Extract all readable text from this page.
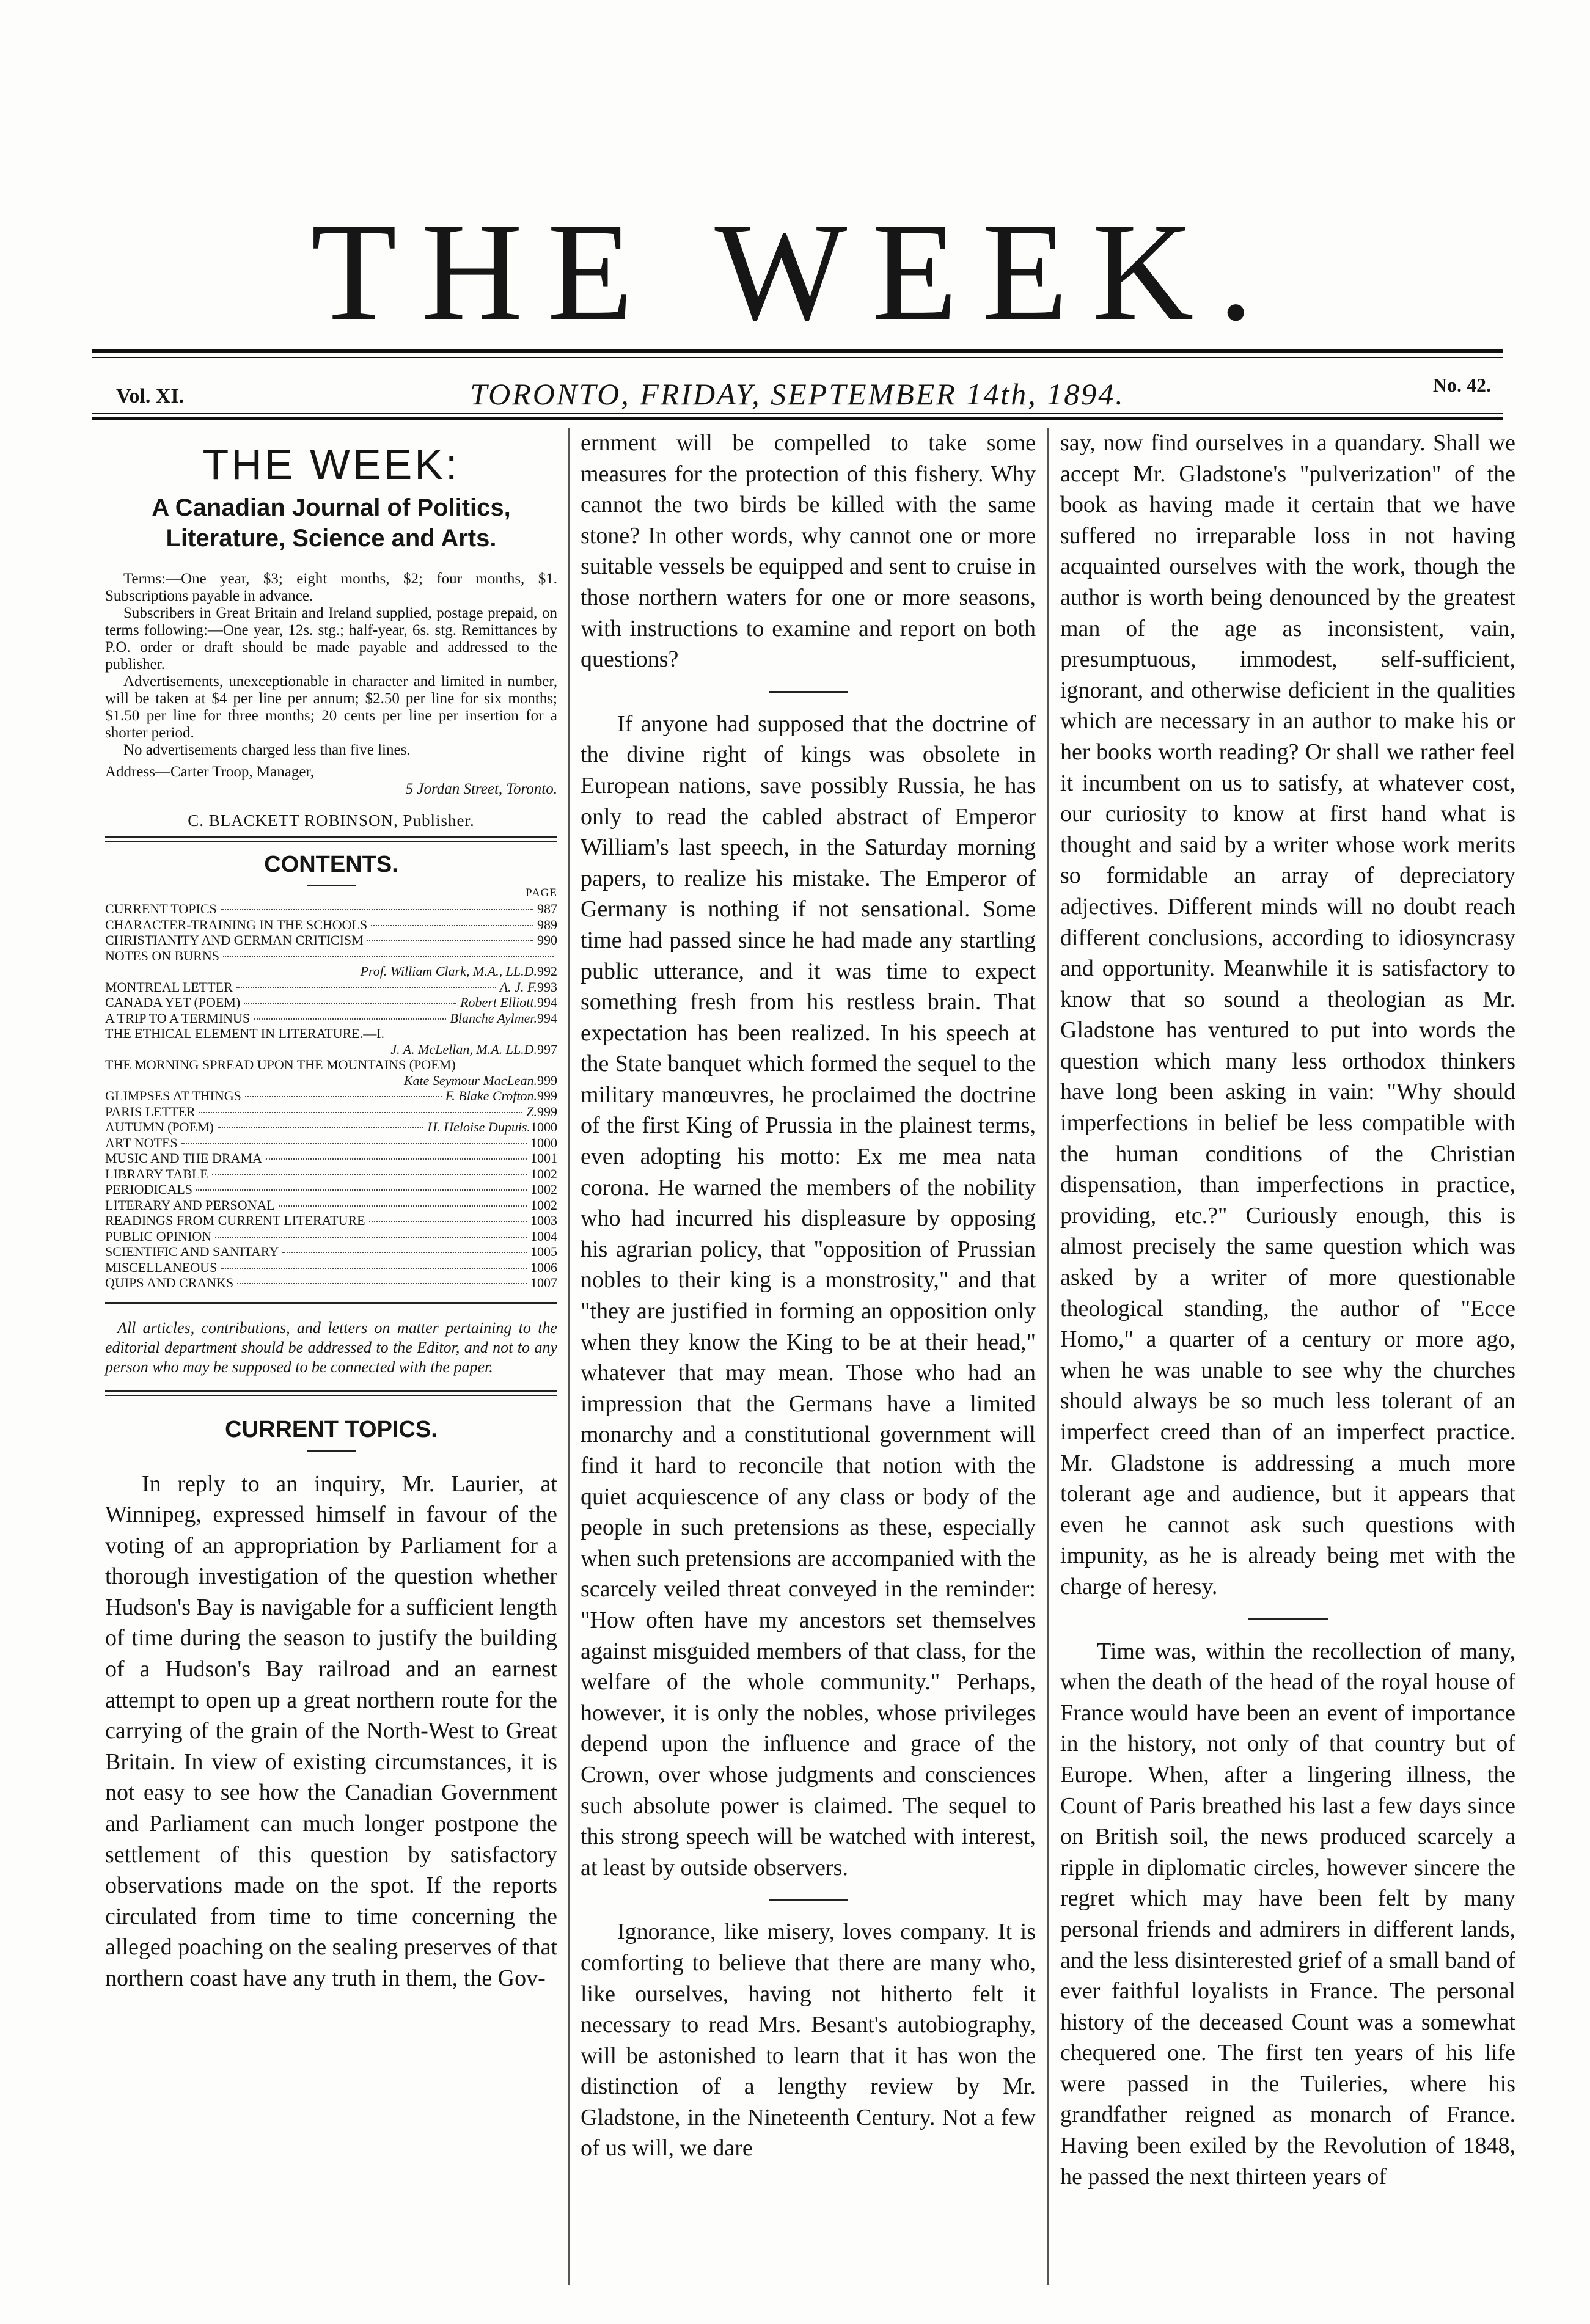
THE WEEK.
Vol. XI.	TORONTO, FRIDAY, SEPTEMBER 14th, 1894.	No. 42.
THE WEEK:
A Canadian Journal of Politics,
Literature, Science and Arts.

Terms:—One year, $3; eight months, $2; four months, $1. Subscriptions payable in advance.

Subscribers in Great Britain and Ireland supplied, postage prepaid, on terms following:—One year, 12s. stg.; half-year, 6s. stg. Remittances by P.O. order or draft should be made payable and addressed to the publisher.

Advertisements, unexceptionable in character and limited in number, will be taken at $4 per line per annum; $2.50 per line for six months; $1.50 per line for three months; 20 cents per line per insertion for a shorter period.

No advertisements charged less than five lines.

Address—Carter Troop, Manager,
5 Jordan Street, Toronto.
C. BLACKETT ROBINSON, Publisher.
CONTENTS.
PAGE
CURRENT TOPICS	987
CHARACTER-TRAINING IN THE SCHOOLS	989
CHRISTIANITY AND GERMAN CRITICISM	990
NOTES ON BURNS
Prof. William Clark, M.A., LL.D. 992
MONTREAL LETTER	A. J. F. 993
CANADA YET (POEM)	Robert Elliott. 994
A TRIP TO A TERMINUS	Blanche Aylmer. 994
THE ETHICAL ELEMENT IN LITERATURE.—I.
J. A. McLellan, M.A. LL.D. 997
THE MORNING SPREAD UPON THE MOUNTAINS (POEM)
Kate Seymour MacLean. 999
GLIMPSES AT THINGS	F. Blake Crofton. 999
PARIS LETTER	Z. 999
AUTUMN (POEM)	H. Heloise Dupuis. 1000
ART NOTES	1000
MUSIC AND THE DRAMA	1001
LIBRARY TABLE	1002
PERIODICALS	1002
LITERARY AND PERSONAL	1002
READINGS FROM CURRENT LITERATURE	1003
PUBLIC OPINION	1004
SCIENTIFIC AND SANITARY	1005
MISCELLANEOUS	1006
QUIPS AND CRANKS	1007

All articles, contributions, and letters on matter pertaining to the editorial department should be addressed to the Editor, and not to any person who may be supposed to be connected with the paper.

CURRENT TOPICS.

In reply to an inquiry, Mr. Laurier, at Winnipeg, expressed himself in favour of the voting of an appropriation by Parliament for a thorough investigation of the question whether Hudson's Bay is navigable for a sufficient length of time during the season to justify the building of a Hudson's Bay railroad and an earnest attempt to open up a great northern route for the carrying of the grain of the North-West to Great Britain. In view of existing circumstances, it is not easy to see how the Canadian Government and Parliament can much longer postpone the settlement of this question by satisfactory observations made on the spot. If the reports circulated from time to time concerning the alleged poaching on the sealing preserves of that northern coast have any truth in them, the Gov-

ernment will be compelled to take some measures for the protection of this fishery. Why cannot the two birds be killed with the same stone? In other words, why cannot one or more suitable vessels be equipped and sent to cruise in those northern waters for one or more seasons, with instructions to examine and report on both questions?

If anyone had supposed that the doctrine of the divine right of kings was obsolete in European nations, save possibly Russia, he has only to read the cabled abstract of Emperor William's last speech, in the Saturday morning papers, to realize his mistake. The Emperor of Germany is nothing if not sensational. Some time had passed since he had made any startling public utterance, and it was time to expect something fresh from his restless brain. That expectation has been realized. In his speech at the State banquet which formed the sequel to the military manœuvres, he proclaimed the doctrine of the first King of Prussia in the plainest terms, even adopting his motto: Ex me mea nata corona. He warned the members of the nobility who had incurred his displeasure by opposing his agrarian policy, that "opposition of Prussian nobles to their king is a monstrosity," and that "they are justified in forming an opposition only when they know the King to be at their head," whatever that may mean. Those who had an impression that the Germans have a limited monarchy and a constitutional government will find it hard to reconcile that notion with the quiet acquiescence of any class or body of the people in such pretensions as these, especially when such pretensions are accompanied with the scarcely veiled threat conveyed in the reminder: "How often have my ancestors set themselves against misguided members of that class, for the welfare of the whole community." Perhaps, however, it is only the nobles, whose privileges depend upon the influence and grace of the Crown, over whose judgments and consciences such absolute power is claimed. The sequel to this strong speech will be watched with interest, at least by outside observers.

Ignorance, like misery, loves company. It is comforting to believe that there are many who, like ourselves, having not hitherto felt it necessary to read Mrs. Besant's autobiography, will be astonished to learn that it has won the distinction of a lengthy review by Mr. Gladstone, in the Nineteenth Century. Not a few of us will, we dare

say, now find ourselves in a quandary. Shall we accept Mr. Gladstone's "pulverization" of the book as having made it certain that we have suffered no irreparable loss in not having acquainted ourselves with the work, though the author is worth being denounced by the greatest man of the age as inconsistent, vain, presumptuous, immodest, self-sufficient, ignorant, and otherwise deficient in the qualities which are necessary in an author to make his or her books worth reading? Or shall we rather feel it incumbent on us to satisfy, at whatever cost, our curiosity to know at first hand what is thought and said by a writer whose work merits so formidable an array of depreciatory adjectives. Different minds will no doubt reach different conclusions, according to idiosyncrasy and opportunity. Meanwhile it is satisfactory to know that so sound a theologian as Mr. Gladstone has ventured to put into words the question which many less orthodox thinkers have long been asking in vain: "Why should imperfections in belief be less compatible with the human conditions of the Christian dispensation, than imperfections in practice, providing, etc.?" Curiously enough, this is almost precisely the same question which was asked by a writer of more questionable theological standing, the author of "Ecce Homo," a quarter of a century or more ago, when he was unable to see why the churches should always be so much less tolerant of an imperfect creed than of an imperfect practice. Mr. Gladstone is addressing a much more tolerant age and audience, but it appears that even he cannot ask such questions with impunity, as he is already being met with the charge of heresy.

Time was, within the recollection of many, when the death of the head of the royal house of France would have been an event of importance in the history, not only of that country but of Europe. When, after a lingering illness, the Count of Paris breathed his last a few days since on British soil, the news produced scarcely a ripple in diplomatic circles, however sincere the regret which may have been felt by many personal friends and admirers in different lands, and the less disinterested grief of a small band of ever faithful loyalists in France. The personal history of the deceased Count was a somewhat chequered one. The first ten years of his life were passed in the Tuileries, where his grandfather reigned as monarch of France. Having been exiled by the Revolution of 1848, he passed the next thirteen years of
